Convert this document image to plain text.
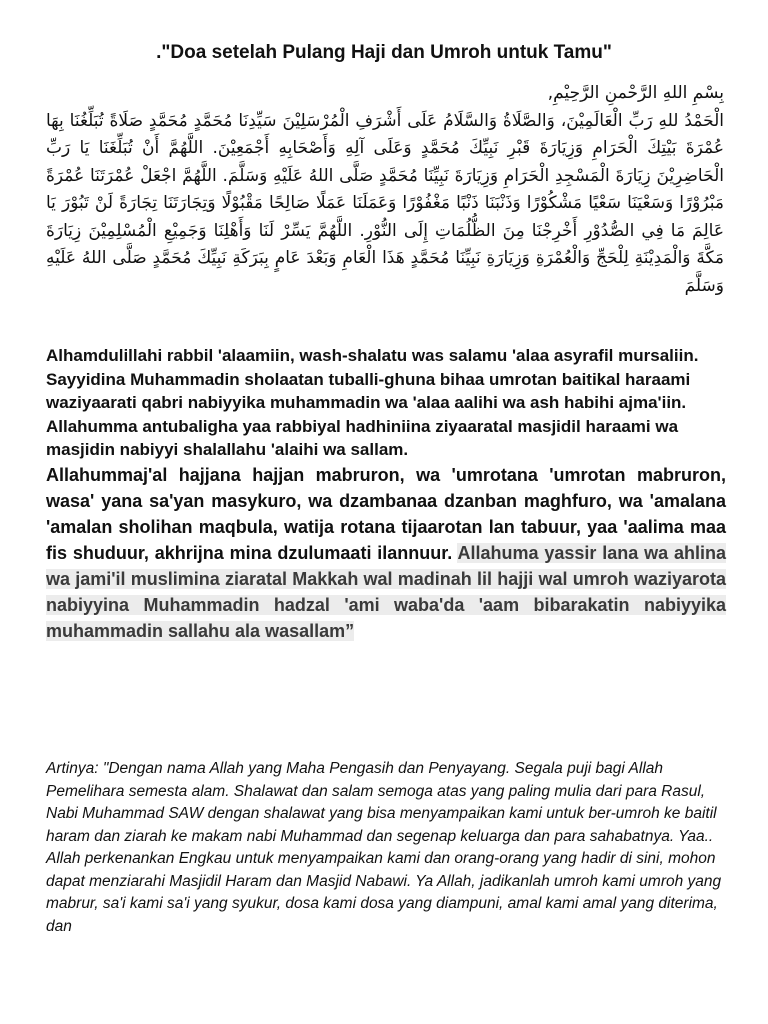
."Doa setelah Pulang Haji dan Umroh untuk Tamu"

بِسْمِ اللهِ الرَّحْمنِ الرَّحِيْمِ,

الْحَمْدُ للهِ رَبِّ الْعَالَمِيْنَ، وَالصَّلَاةُ وَالسَّلَامُ عَلَى أَشْرَفِ الْمُرْسَلِيْنَ سَيِّدِنَا مُحَمَّدٍ مُحَمَّدٍ صَلَاةً تُبَلِّغُنَا بِهَا عُمْرَةَ بَيْتِكَ الْحَرَامِ وَزِيَارَةَ قَبْرِ نَبِيِّكَ مُحَمَّدٍ وَعَلَى آلِهِ وَأَصْحَابِهِ أَجْمَعِيْنَ. اللَّهُمَّ أَنْ تُبَلِّغَنَا يَا رَبِّ الْحَاضِرِيْنَ زِيَارَةَ الْمَسْجِدِ الْحَرَامِ وَزِيَارَةَ نَبِيِّنَا مُحَمَّدٍ صَلَّى اللهُ عَلَيْهِ وَسَلَّمَ. اللَّهُمَّ اجْعَلْ عُمْرَتَنَا عُمْرَةً مَبْرُوْرًا وَسَعْيَنَا سَعْيًا مَشْكُوْرًا وَذَنْبَنَا ذَنْبًا مَغْفُوْرًا وَعَمَلَنَا عَمَلًا صَالِحًا مَقْبُوْلًا وَتِجَارَتَنَا تِجَارَةً لَنْ تَبُوْرَ يَا عَالِمَ مَا فِي الصُّدُوْرِ أَخْرِجْنَا مِنَ الظُّلُمَاتِ إِلَى النُّوْرِ. اللَّهُمَّ يَسِّرْ لَنَا وَأَهْلِنَا وَجَمِيْعِ الْمُسْلِمِيْنَ زِيَارَةَ مَكَّةَ وَالْمَدِيْنَةِ لِلْحَجِّ وَالْعُمْرَةِ وَزِيَارَةِ نَبِيِّنَا مُحَمَّدٍ هَذَا الْعَامِ وَبَعْدَ عَامٍ بِبَرَكَةِ نَبِيِّكَ مُحَمَّدٍ صَلَّى اللهُ عَلَيْهِ وَسَلَّمَ

Alhamdulillahi rabbil 'alaamiin, wash-shalatu was salamu 'alaa asyrafil mursaliin. Sayyidina Muhammadin sholaatan tuballi-ghuna bihaa umrotan baitikal haraami waziyaarati qabri nabiyyika muhammadin wa 'alaa aalihi wa ash habihi ajma'iin. Allahumma antubaligha yaa rabbiyal hadhiniina ziyaaratal masjidil haraami wa masjidin nabiyyi shalallahu 'alaihi wa sallam.

Allahummaj'al hajjana hajjan mabruron, wa 'umrotana 'umrotan mabruron, wasa' yana sa'yan masykuro, wa dzambanaa dzanban maghfuro, wa 'amalana 'amalan sholihan maqbula, watija rotana tijaarotan lan tabuur, yaa 'aalima maa fis shuduur, akhrijna mina dzulumaati ilannuur. Allahuma yassir lana wa ahlina wa jami'il muslimina ziaratal Makkah wal madinah lil hajji wal umroh waziyarota nabiyyina Muhammadin hadzal 'ami waba'da 'aam bibarakatin nabiyyika muhammadin sallahu ala wasallam”

Artinya: "Dengan nama Allah yang Maha Pengasih dan Penyayang. Segala puji bagi Allah Pemelihara semesta alam. Shalawat dan salam semoga atas yang paling mulia dari para Rasul, Nabi Muhammad SAW dengan shalawat yang bisa menyampaikan kami untuk ber-umroh ke baitil haram dan ziarah ke makam nabi Muhammad dan segenap keluarga dan para sahabatnya. Yaa.. Allah perkenankan Engkau untuk menyampaikan kami dan orang-orang yang hadir di sini, mohon dapat menziarahi Masjidil Haram dan Masjid Nabawi. Ya Allah, jadikanlah umroh kami umroh yang mabrur, sa'i kami sa'i yang syukur, dosa kami dosa yang diampuni, amal kami amal yang diterima, dan
